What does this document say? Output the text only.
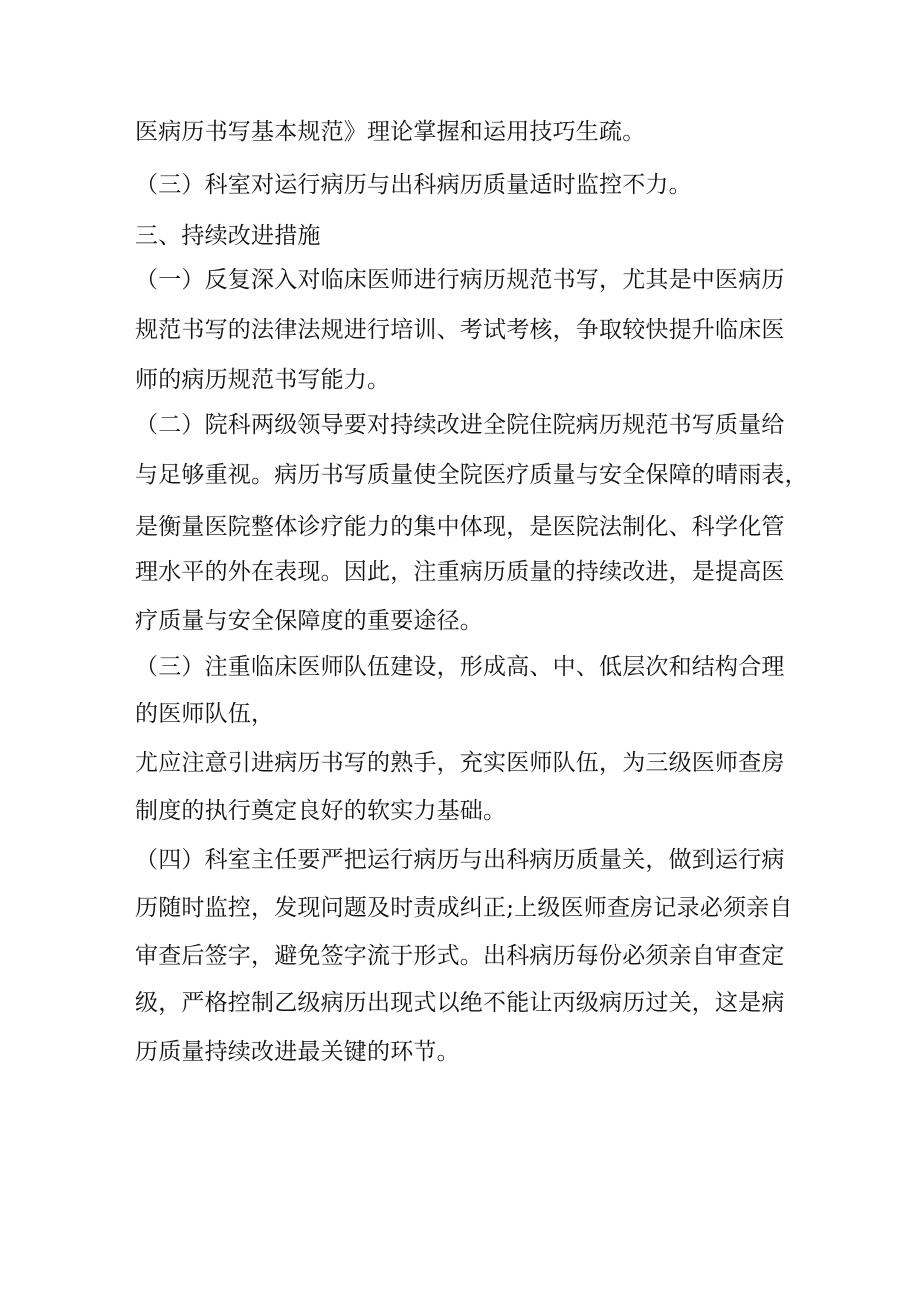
医病历书写基本规范》理论掌握和运用技巧生疏。
（三）科室对运行病历与出科病历质量适时监控不力。
三、持续改进措施
（一）反复深入对临床医师进行病历规范书写，尤其是中医病历
规范书写的法律法规进行培训、考试考核，争取较快提升临床医
师的病历规范书写能力。
（二）院科两级领导要对持续改进全院住院病历规范书写质量给
与足够重视。病历书写质量使全院医疗质量与安全保障的晴雨表，
是衡量医院整体诊疗能力的集中体现，是医院法制化、科学化管
理水平的外在表现。因此，注重病历质量的持续改进，是提高医
疗质量与安全保障度的重要途径。
（三）注重临床医师队伍建设，形成高、中、低层次和结构合理
的医师队伍，
尤应注意引进病历书写的熟手，充实医师队伍，为三级医师查房
制度的执行奠定良好的软实力基础。
（四）科室主任要严把运行病历与出科病历质量关，做到运行病
历随时监控，发现问题及时责成纠正;上级医师查房记录必须亲自
审查后签字，避免签字流于形式。出科病历每份必须亲自审查定
级，严格控制乙级病历出现式以绝不能让丙级病历过关，这是病
历质量持续改进最关键的环节。
